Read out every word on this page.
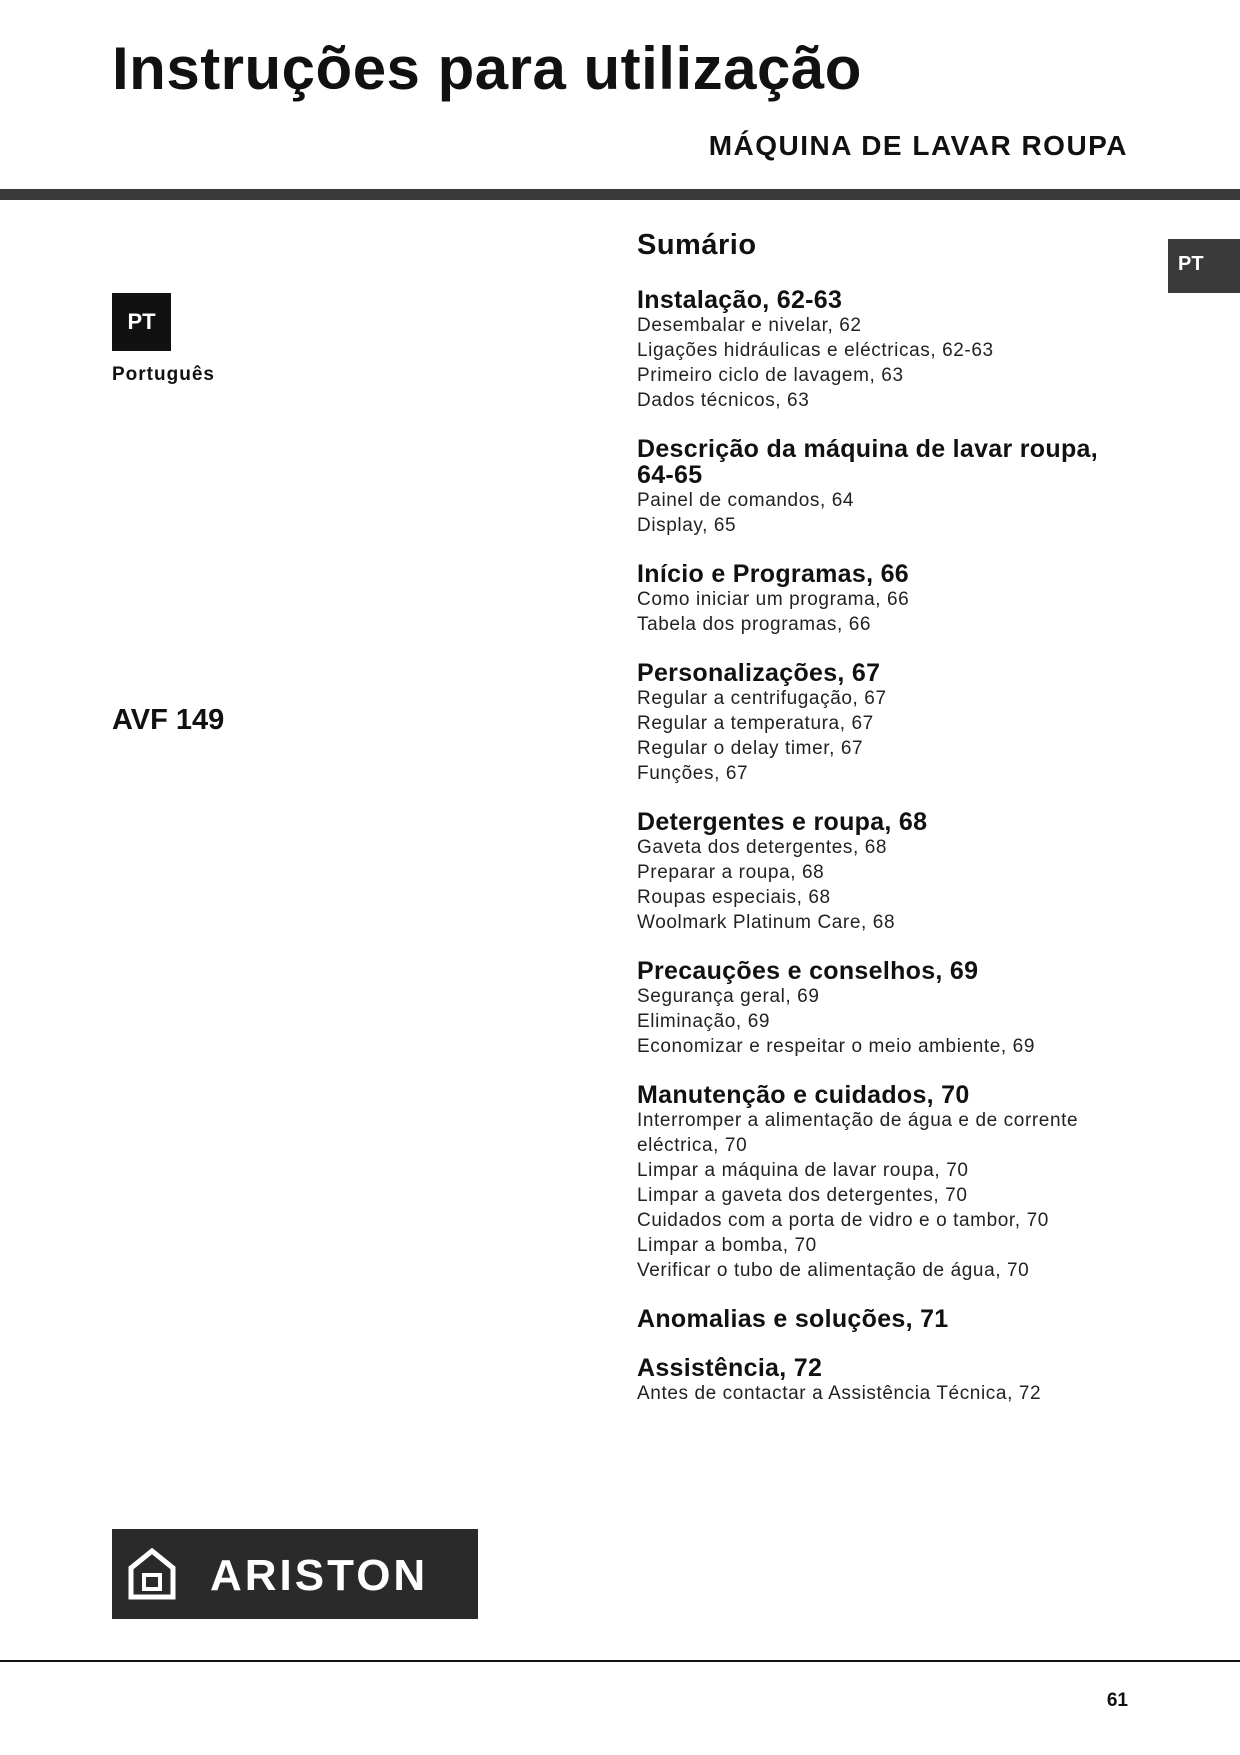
Instruções para utilização
MÁQUINA DE LAVAR ROUPA
PT
PT
Português
AVF 149
Sumário
Instalação, 62-63
Desembalar e nivelar, 62
Ligações hidráulicas e eléctricas, 62-63
Primeiro ciclo de lavagem, 63
Dados técnicos, 63
Descrição da máquina de lavar roupa, 64-65
Painel de comandos, 64
Display, 65
Início e Programas, 66
Como iniciar um programa, 66
Tabela dos programas, 66
Personalizações, 67
Regular a centrifugação, 67
Regular a temperatura, 67
Regular o delay timer, 67
Funções, 67
Detergentes e roupa, 68
Gaveta dos detergentes, 68
Preparar a roupa, 68
Roupas especiais, 68
Woolmark Platinum Care, 68
Precauções e conselhos, 69
Segurança geral, 69
Eliminação, 69
Economizar e respeitar o meio ambiente, 69
Manutenção e cuidados, 70
Interromper a alimentação de água e de corrente eléctrica, 70
Limpar a máquina de lavar roupa, 70
Limpar a gaveta dos detergentes, 70
Cuidados com a porta de vidro e o tambor, 70
Limpar a bomba, 70
Verificar o tubo de alimentação de água, 70
Anomalias e soluções, 71
Assistência, 72
Antes de contactar a Assistência Técnica, 72
ARISTON
61
